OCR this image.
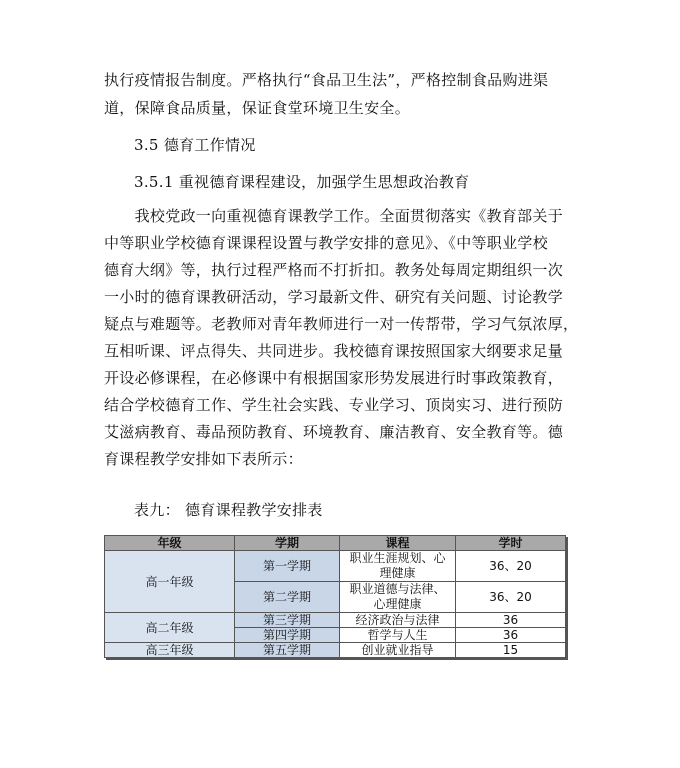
执行疫情报告制度。严格执行“食品卫生法”，严格控制食品购进渠
道，保障食品质量，保证食堂环境卫生安全。
3.5 德育工作情况
3.5.1 重视德育课程建设，加强学生思想政治教育
　　我校党政一向重视德育课教学工作。全面贯彻落实《教育部关于
中等职业学校德育课课程设置与教学安排的意见》、《中等职业学校
德育大纲》等，执行过程严格而不打折扣。教务处每周定期组织一次
一小时的德育课教研活动，学习最新文件、研究有关问题、讨论教学
疑点与难题等。老教师对青年教师进行一对一传帮带，学习气氛浓厚，
互相听课、评点得失、共同进步。我校德育课按照国家大纲要求足量
开设必修课程，在必修课中有根据国家形势发展进行时事政策教育，
结合学校德育工作、学生社会实践、专业学习、顶岗实习、进行预防
艾滋病教育、毒品预防教育、环境教育、廉洁教育、安全教育等。德
育课程教学安排如下表所示：
表九： 德育课程教学安排表
年级	学期	课程	学时
高一年级	第一学期	职业生涯规划、心理健康	36、20
	第二学期	职业道德与法律、心理健康	36、20
高二年级	第三学期	经济政治与法律	36
	第四学期	哲学与人生	36
高三年级	第五学期	创业就业指导	15
